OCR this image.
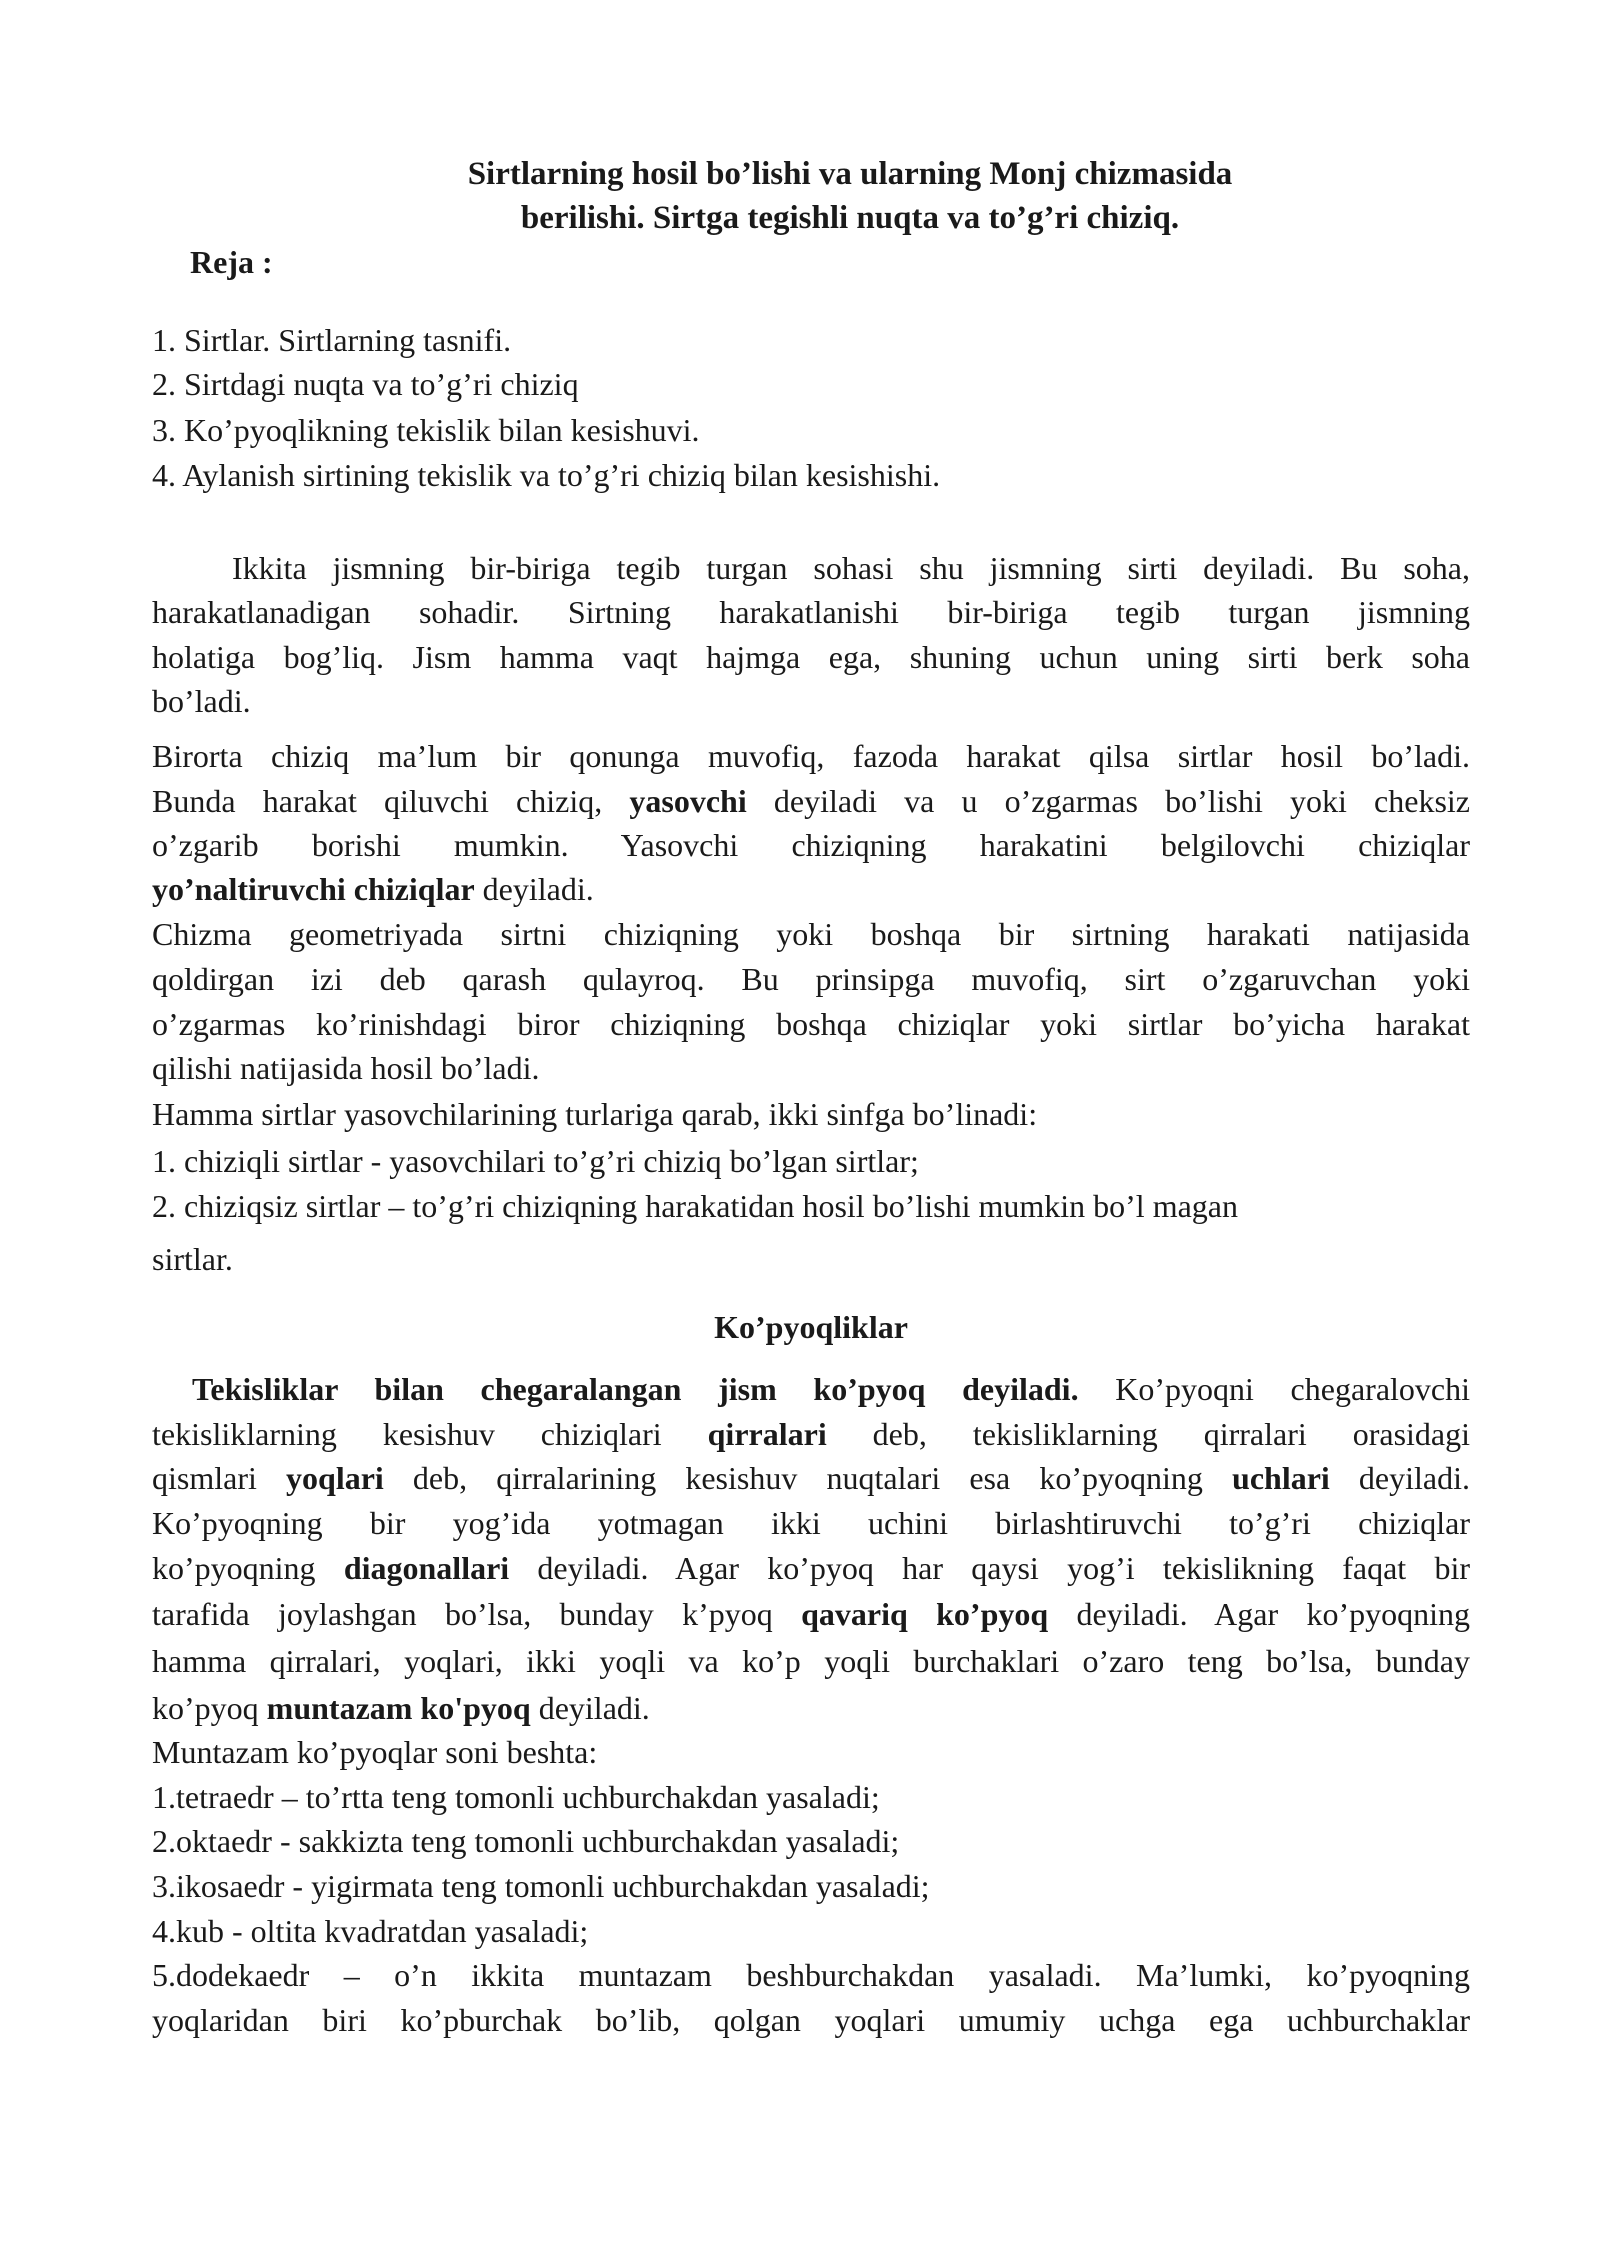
Sirtlarning hosil bo’lishi va ularning Monj chizmasida
berilishi. Sirtga tegishli nuqta va to’g’ri chiziq.
Reja :
1. Sirtlar. Sirtlarning tasnifi.
2. Sirtdagi nuqta va to’g’ri chiziq
3. Ko’pyoqlikning tekislik bilan kesishuvi.
4. Aylanish sirtining tekislik va to’g’ri chiziq bilan kesishishi.
Ikkita jismning bir-biriga tegib turgan sohasi shu jismning sirti deyiladi. Bu soha,
harakatlanadigan sohadir. Sirtning harakatlanishi bir-biriga tegib turgan jismning
holatiga bog’liq. Jism hamma vaqt hajmga ega, shuning uchun uning sirti berk soha
bo’ladi.
Birorta chiziq ma’lum bir qonunga muvofiq, fazoda harakat qilsa sirtlar hosil bo’ladi.
Bunda harakat qiluvchi chiziq, yasovchi deyiladi va u o’zgarmas bo’lishi yoki cheksiz
o’zgarib borishi mumkin. Yasovchi chiziqning harakatini belgilovchi chiziqlar
yoʼnaltiruvchi chiziqlar deyiladi.
Chizma geometriyada sirtni chiziqning yoki boshqa bir sirtning harakati natijasida
qoldirgan izi deb qarash qulayroq. Bu prinsipga muvofiq, sirt o’zgaruvchan yoki
o’zgarmas ko’rinishdagi biror chiziqning boshqa chiziqlar yoki sirtlar bo’yicha harakat
qilishi natijasida hosil bo’ladi.
Hamma sirtlar yasovchilarining turlariga qarab, ikki sinfga bo’linadi:
1. chiziqli sirtlar - yasovchilari to’g’ri chiziq bo’lgan sirtlar;
2. chiziqsiz sirtlar – to’g’ri chiziqning harakatidan hosil bo’lishi mumkin bo’l magan
sirtlar.
Ko’pyoqliklar
Tekisliklar bilan chegaralangan jism ko’pyoq deyiladi. Ko’pyoqni chegaralovchi
tekisliklarning kesishuv chiziqlari qirralari deb, tekisliklarning qirralari orasidagi
qismlari yoqlari deb, qirralarining kesishuv nuqtalari esa ko’pyoqning uchlari deyiladi.
Ko’pyoqning bir yog’ida yotmagan ikki uchini birlashtiruvchi to’g’ri chiziqlar
ko’pyoqning diagonallari deyiladi. Agar ko’pyoq har qaysi yog’i tekislikning faqat bir
tarafida joylashgan bo’lsa, bunday k’pyoq qavariq koʼpyoq deyiladi. Agar ko’pyoqning
hamma qirralari, yoqlari, ikki yoqli va ko’p yoqli burchaklari o’zaro teng bo’lsa, bunday
ko’pyoq muntazam ko'pyoq deyiladi.
Muntazam ko’pyoqlar soni beshta:
1.tetraedr – to’rtta teng tomonli uchburchakdan yasaladi;
2.oktaedr - sakkizta teng tomonli uchburchakdan yasaladi;
3.ikosaedr - yigirmata teng tomonli uchburchakdan yasaladi;
4.kub - oltita kvadratdan yasaladi;
5.dodekaedr – o’n ikkita muntazam beshburchakdan yasaladi. Ma’lumki, ko’pyoqning
yoqlaridan biri ko’pburchak bo’lib, qolgan yoqlari umumiy uchga ega uchburchaklar
